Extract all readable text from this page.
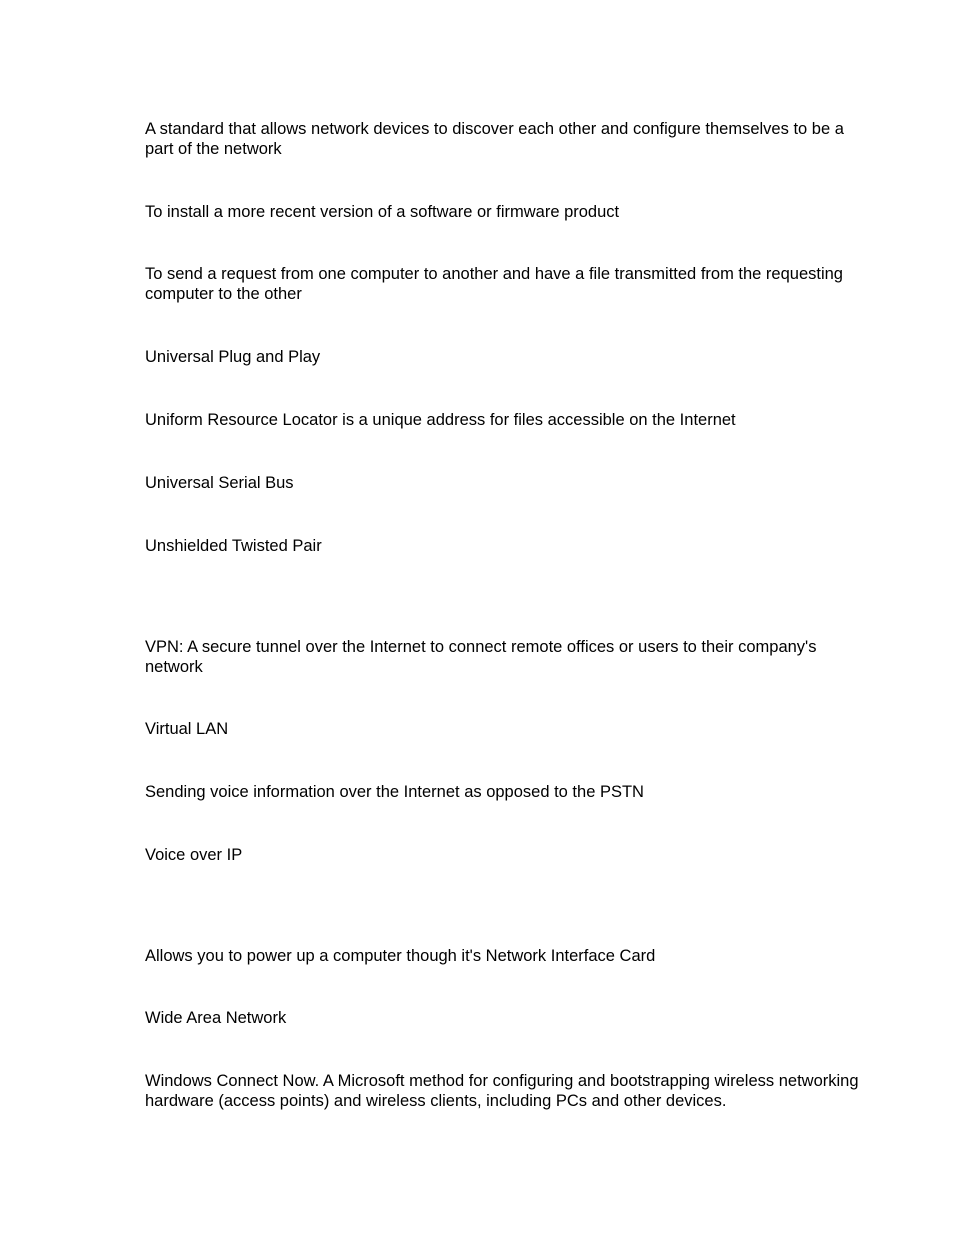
A standard that allows network devices to discover each other and configure themselves to be a part of the network

To install a more recent version of a software or firmware product

To send a request from one computer to another and have a file transmitted from the requesting computer to the other

Universal Plug and Play

Uniform Resource Locator is a unique address for files accessible on the Internet

Universal Serial Bus

Unshielded Twisted Pair

VPN: A secure tunnel over the Internet to connect remote offices or users to their company's network

Virtual LAN

Sending voice information over the Internet as opposed to the PSTN

Voice over IP

Allows you to power up a computer though it's Network Interface Card

Wide Area Network

Windows Connect Now. A Microsoft method for configuring and bootstrapping wireless networking hardware (access points) and wireless clients, including PCs and other devices.
